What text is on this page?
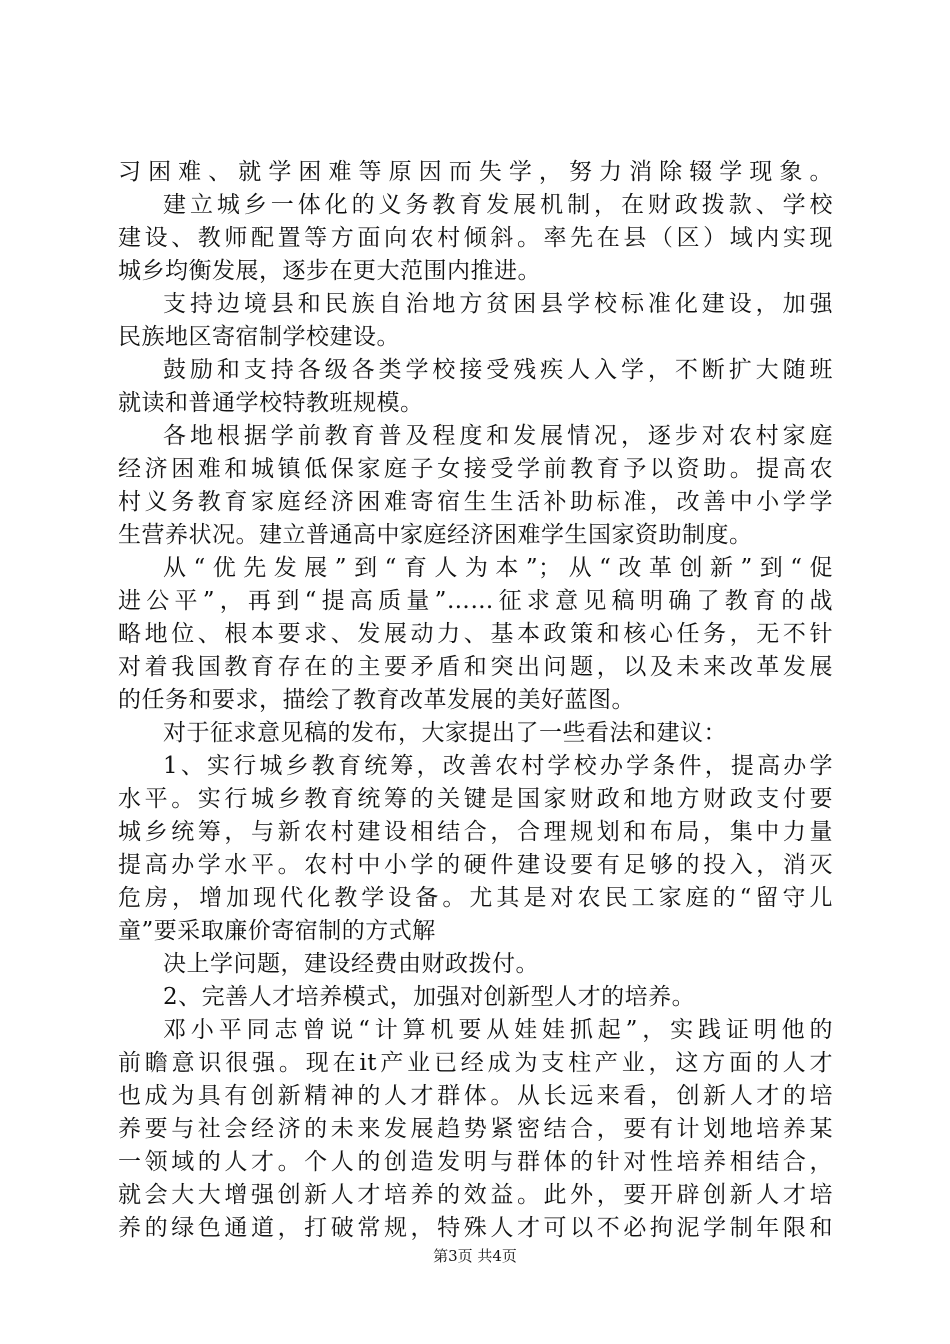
习困难、就学困难等原因而失学，努力消除辍学现象。
建立城乡一体化的义务教育发展机制，在财政拨款、学校
建设、教师配置等方面向农村倾斜。率先在县（区）域内实现
城乡均衡发展，逐步在更大范围内推进。
支持边境县和民族自治地方贫困县学校标准化建设，加强
民族地区寄宿制学校建设。
鼓励和支持各级各类学校接受残疾人入学，不断扩大随班
就读和普通学校特教班规模。
各地根据学前教育普及程度和发展情况，逐步对农村家庭
经济困难和城镇低保家庭子女接受学前教育予以资助。提高农
村义务教育家庭经济困难寄宿生生活补助标准，改善中小学学
生营养状况。建立普通高中家庭经济困难学生国家资助制度。
从“优先发展”到“育人为本”；从“改革创新”到“促
进公平”，再到“提高质量”……征求意见稿明确了教育的战
略地位、根本要求、发展动力、基本政策和核心任务，无不针
对着我国教育存在的主要矛盾和突出问题，以及未来改革发展
的任务和要求，描绘了教育改革发展的美好蓝图。
对于征求意见稿的发布，大家提出了一些看法和建议：
1、实行城乡教育统筹，改善农村学校办学条件，提高办学
水平。实行城乡教育统筹的关键是国家财政和地方财政支付要
城乡统筹，与新农村建设相结合，合理规划和布局，集中力量
提高办学水平。农村中小学的硬件建设要有足够的投入，消灭
危房，增加现代化教学设备。尤其是对农民工家庭的“留守儿
童”要采取廉价寄宿制的方式解
决上学问题，建设经费由财政拨付。
2、完善人才培养模式，加强对创新型人才的培养。
邓小平同志曾说“计算机要从娃娃抓起”，实践证明他的
前瞻意识很强。现在it产业已经成为支柱产业，这方面的人才
也成为具有创新精神的人才群体。从长远来看，创新人才的培
养要与社会经济的未来发展趋势紧密结合，要有计划地培养某
一领域的人才。个人的创造发明与群体的针对性培养相结合，
就会大大增强创新人才培养的效益。此外，要开辟创新人才培
养的绿色通道，打破常规，特殊人才可以不必拘泥学制年限和
第3页 共4页
